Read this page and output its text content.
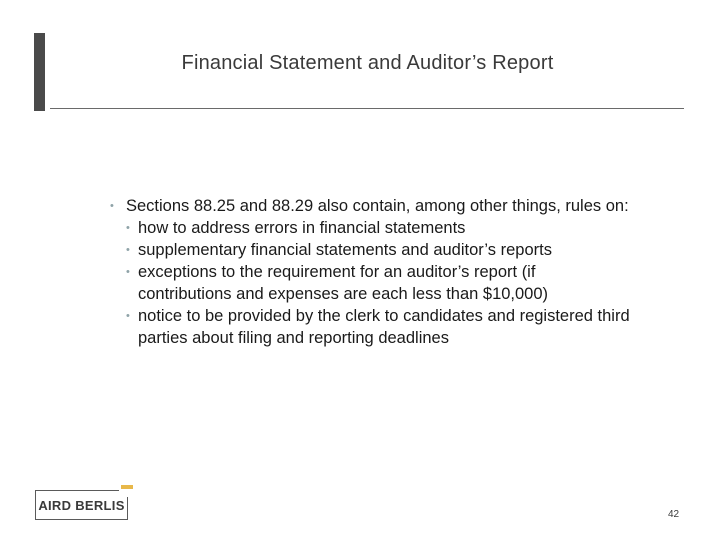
Financial Statement and Auditor’s Report
• Sections 88.25 and 88.29 also contain, among other things, rules on:
• how to address errors in financial statements
• supplementary financial statements and auditor’s reports
• exceptions to the requirement for an auditor’s report (if contributions and expenses are each less than $10,000)
• notice to be provided by the clerk to candidates and registered third parties about filing and reporting deadlines
AIRD BERLIS
42
